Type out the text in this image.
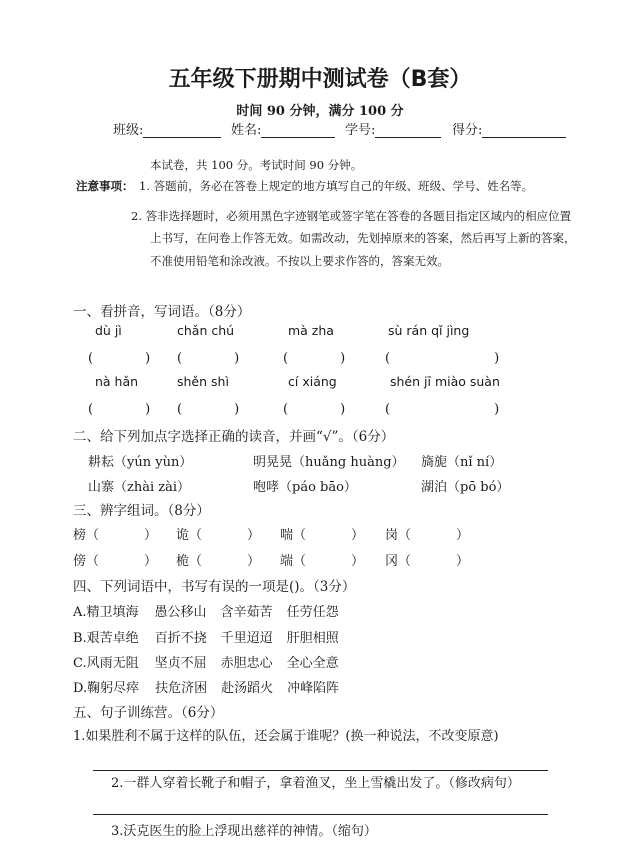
五年级下册期中测试卷（B套）
时间 90 分钟，满分 100 分
班级:	姓名:	学号:	得分:
本试卷，共 100 分。考试时间 90 分钟。
注意事项： 1. 答题前，务必在答卷上规定的地方填写自己的年级、班级、学号、姓名等。
2. 答非选择题时，必须用黑色字迹钢笔或签字笔在答卷的各题目指定区域内的相应位置
上书写，在问卷上作答无效。如需改动，先划掉原来的答案，然后再写上新的答案，
不准使用铅笔和涂改液。不按以上要求作答的，答案无效。
一、看拼音，写词语。（8分）
dù jì	chǎn chú	mà zha	sù rán qǐ jìng
(　　　　) (　　　　)	(　　　　)	(　　　　　　　　)
nà hǎn	shěn shì	cí xiáng	shén jī miào suàn
(　　　　) (　　　　)	(　　　　)	(　　　　　　　　)
二、给下列加点字选择正确的读音，并画“√”。（6分）
耕耘（yún yùn）	明晃晃（huǎng huàng） 旖旎（nǐ ní）
山寨（zhài zài）	咆哮（páo bāo）	湖泊（pō bó）
三、辨字组词。（8分）
榜（	） 诡（	） 喘（	） 岗（	）
傍（	） 桅（	） 端（	） 冈（	）
四、下列词语中，书写有误的一项是()。（3分）
A.精卫填海 愚公移山 含辛茹苦 任劳任怨
B.艰苦卓绝 百折不挠 千里迢迢 肝胆相照
C.风雨无阻 坚贞不屈 赤胆忠心 全心全意
D.鞠躬尽瘁 扶危济困 赴汤蹈火 冲峰陷阵
五、句子训练营。（6分）
1.如果胜利不属于这样的队伍，还会属于谁呢？(换一种说法，不改变原意)
2.一群人穿着长靴子和帽子，拿着渔叉，坐上雪橇出发了。（修改病句）
3.沃克医生的脸上浮现出慈祥的神情。（缩句）
